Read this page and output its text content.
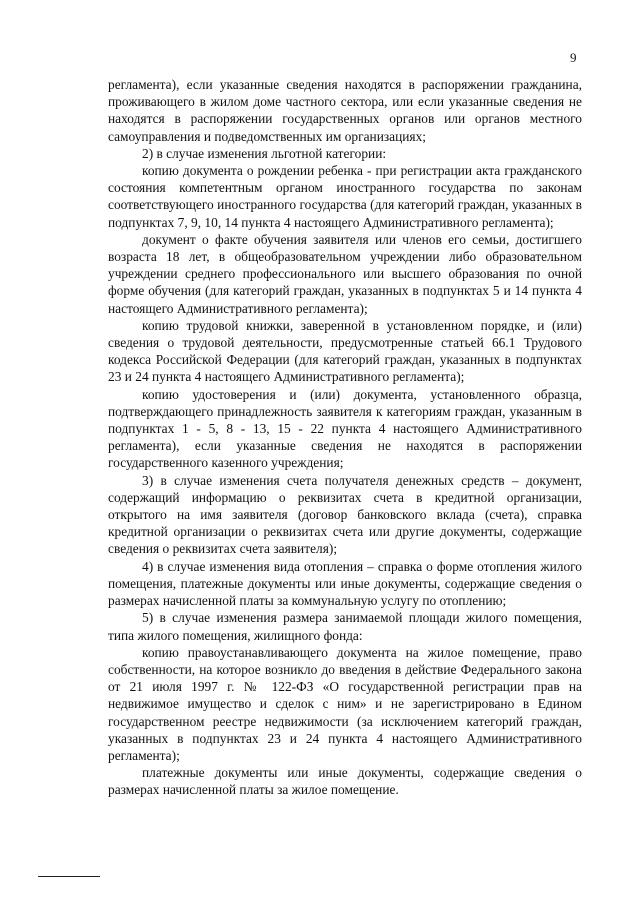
9

регламента), если указанные сведения находятся в распоряжении гражданина, проживающего в жилом доме частного сектора, или если указанные сведения не находятся в распоряжении государственных органов или органов местного самоуправления и подведомственных им организациях;

2) в случае изменения льготной категории:

копию документа о рождении ребенка - при регистрации акта гражданского состояния компетентным органом иностранного государства по законам соответствующего иностранного государства (для категорий граждан, указанных в подпунктах 7, 9, 10, 14 пункта 4 настоящего Административного регламента);

документ о факте обучения заявителя или членов его семьи, достигшего возраста 18 лет, в общеобразовательном учреждении либо образовательном учреждении среднего профессионального или высшего образования по очной форме обучения (для категорий граждан, указанных в подпунктах 5 и 14 пункта 4 настоящего Административного регламента);

копию трудовой книжки, заверенной в установленном порядке, и (или) сведения о трудовой деятельности, предусмотренные статьей 66.1 Трудового кодекса Российской Федерации (для категорий граждан, указанных в подпунктах 23 и 24 пункта 4 настоящего Административного регламента);

копию удостоверения и (или) документа, установленного образца, подтверждающего принадлежность заявителя к категориям граждан, указанным в подпунктах 1 - 5, 8 - 13, 15 - 22 пункта 4 настоящего Административного регламента), если указанные сведения не находятся в распоряжении государственного казенного учреждения;

3) в случае изменения счета получателя денежных средств – документ, содержащий информацию о реквизитах счета в кредитной организации, открытого на имя заявителя (договор банковского вклада (счета), справка кредитной организации о реквизитах счета или другие документы, содержащие сведения о реквизитах счета заявителя);

4) в случае изменения вида отопления – справка о форме отопления жилого помещения, платежные документы или иные документы, содержащие сведения о размерах начисленной платы за коммунальную услугу по отоплению;

5) в случае изменения размера занимаемой площади жилого помещения, типа жилого помещения, жилищного фонда:

копию правоустанавливающего документа на жилое помещение, право собственности, на которое возникло до введения в действие Федерального закона от 21 июля 1997 г. № 122-ФЗ «О государственной регистрации прав на недвижимое имущество и сделок с ним» и не зарегистрировано в Едином государственном реестре недвижимости (за исключением категорий граждан, указанных в подпунктах 23 и 24 пункта 4 настоящего Административного регламента);

платежные документы или иные документы, содержащие сведения о размерах начисленной платы за жилое помещение.
